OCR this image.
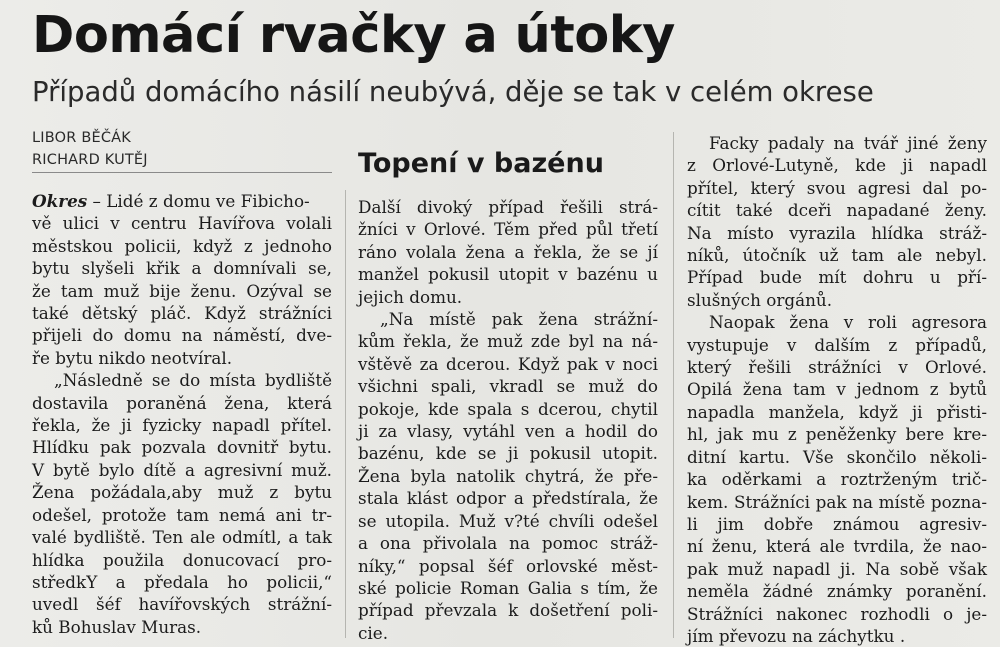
Domácí rvačky a útoky
Případů domácího násilí neubývá, děje se tak v celém okrese
LIBOR BĚČÁK
RICHARD KUTĚJ
Okres – Lidé z domu ve Fibicho-
vě ulici v centru Havířova volali
městskou policii, když z jednoho
bytu slyšeli křik a domnívali se,
že tam muž bije ženu. Ozýval se
také dětský pláč. Když strážníci
přijeli do domu na náměstí, dve-
ře bytu nikdo neotvíral.
„Následně se do místa bydliště
dostavila poraněná žena, která
řekla, že ji fyzicky napadl přítel.
Hlídku pak pozvala dovnitř bytu.
V bytě bylo dítě a agresivní muž.
Žena požádala,aby muž z bytu
odešel, protože tam nemá ani tr-
valé bydliště. Ten ale odmítl, a tak
hlídka použila donucovací pro-
středkY a předala ho policii,“
uvedl šéf havířovských strážní-
ků Bohuslav Muras.
Topení v bazénu
Další divoký případ řešili strá-
žníci v Orlové. Těm před půl třetí
ráno volala žena a řekla, že se jí
manžel pokusil utopit v bazénu u
jejich domu.
„Na místě pak žena strážní-
kům řekla, že muž zde byl na ná-
vštěvě za dcerou. Když pak v noci
všichni spali, vkradl se muž do
pokoje, kde spala s dcerou, chytil
ji za vlasy, vytáhl ven a hodil do
bazénu, kde se ji pokusil utopit.
Žena byla natolik chytrá, že pře-
stala klást odpor a předstírala, že
se utopila. Muž v?té chvíli odešel
a ona přivolala na pomoc stráž-
níky,“ popsal šéf orlovské měst-
ské policie Roman Galia s tím, že
případ převzala k došetření poli-
cie.
Facky padaly na tvář jiné ženy
z Orlové-Lutyně, kde ji napadl
přítel, který svou agresi dal po-
cítit také dceři napadané ženy.
Na místo vyrazila hlídka stráž-
níků, útočník už tam ale nebyl.
Případ bude mít dohru u pří-
slušných orgánů.
Naopak žena v roli agresora
vystupuje v dalším z případů,
který řešili strážníci v Orlové.
Opilá žena tam v jednom z bytů
napadla manžela, když ji přisti-
hl, jak mu z peněženky bere kre-
ditní kartu. Vše skončilo několi-
ka oděrkami a roztrženým trič-
kem. Strážníci pak na místě pozna-
li jim dobře známou agresiv-
ní ženu, která ale tvrdila, že nao-
pak muž napadl ji. Na sobě však
neměla žádné známky poranění.
Strážníci nakonec rozhodli o je-
jím převozu na záchytku .
